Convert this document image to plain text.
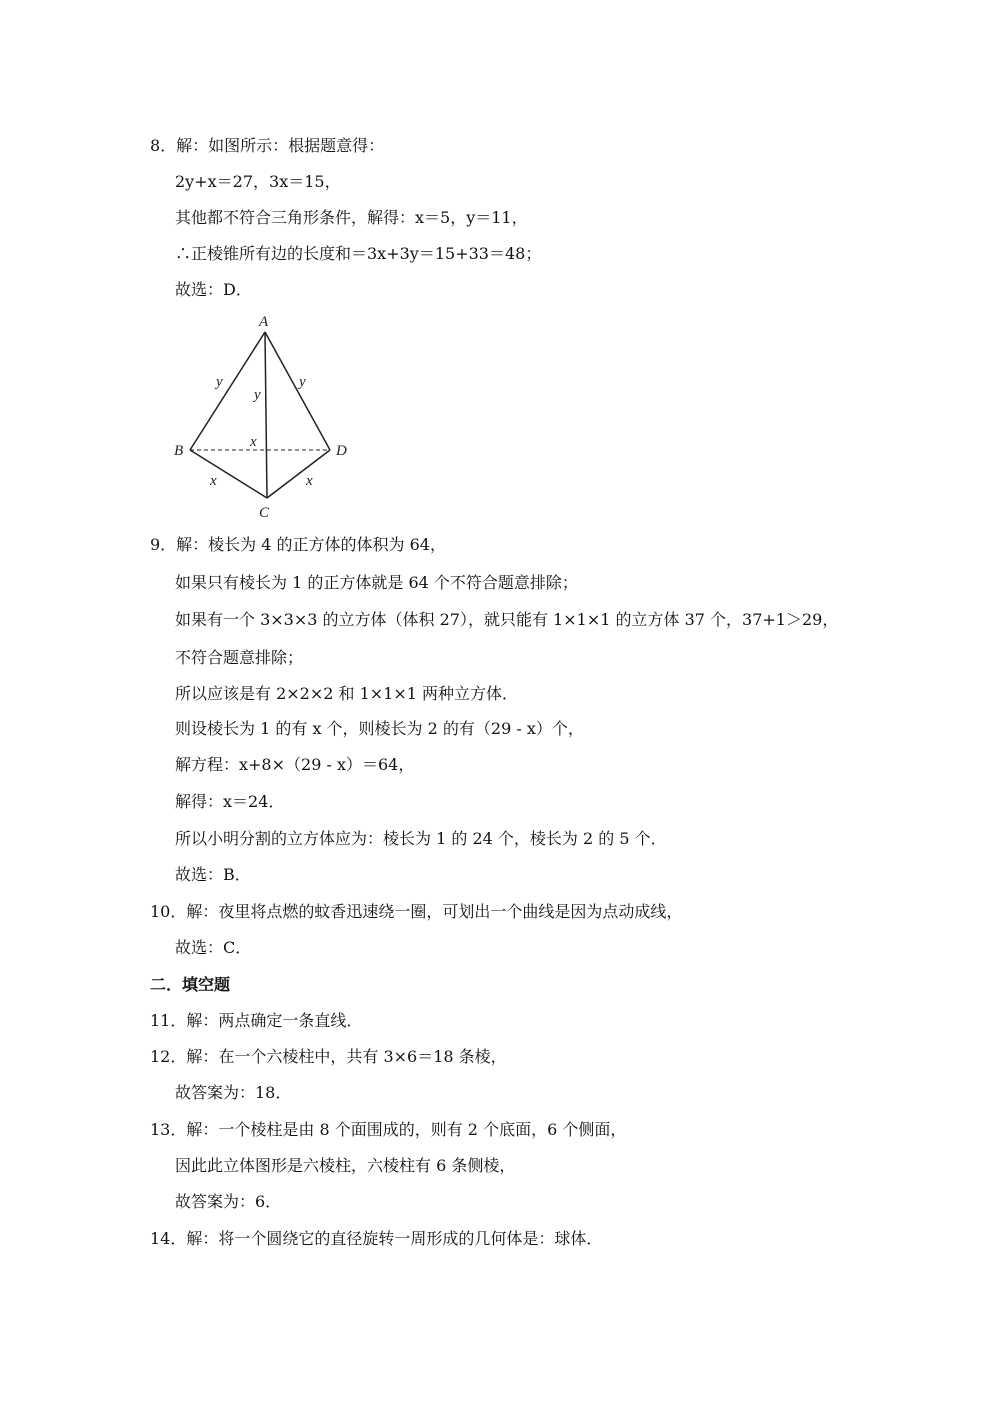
8．解：如图所示：根据题意得：
2y+x＝27，3x＝15，
其他都不符合三角形条件，解得：x＝5，y＝11，
∴正棱锥所有边的长度和＝3x+3y＝15+33＝48；
故选：D．
A
B
C
D
y
y
y
x
x	x
9．解：棱长为 4 的正方体的体积为 64，
如果只有棱长为 1 的正方体就是 64 个不符合题意排除；
如果有一个 3×3×3 的立方体（体积 27），就只能有 1×1×1 的立方体 37 个，37+1＞29，
不符合题意排除；
所以应该是有 2×2×2 和 1×1×1 两种立方体．
则设棱长为 1 的有 x 个，则棱长为 2 的有（29 - x）个，
解方程：x+8×（29 - x）＝64，
解得：x＝24．
所以小明分割的立方体应为：棱长为 1 的 24 个，棱长为 2 的 5 个．
故选：B．
10．解：夜里将点燃的蚊香迅速绕一圈，可划出一个曲线是因为点动成线，
故选：C．
二．填空题
11．解：两点确定一条直线．
12．解：在一个六棱柱中，共有 3×6＝18 条棱，
故答案为：18．
13．解：一个棱柱是由 8 个面围成的，则有 2 个底面，6 个侧面，
因此此立体图形是六棱柱，六棱柱有 6 条侧棱，
故答案为：6．
14．解：将一个圆绕它的直径旋转一周形成的几何体是：球体．
